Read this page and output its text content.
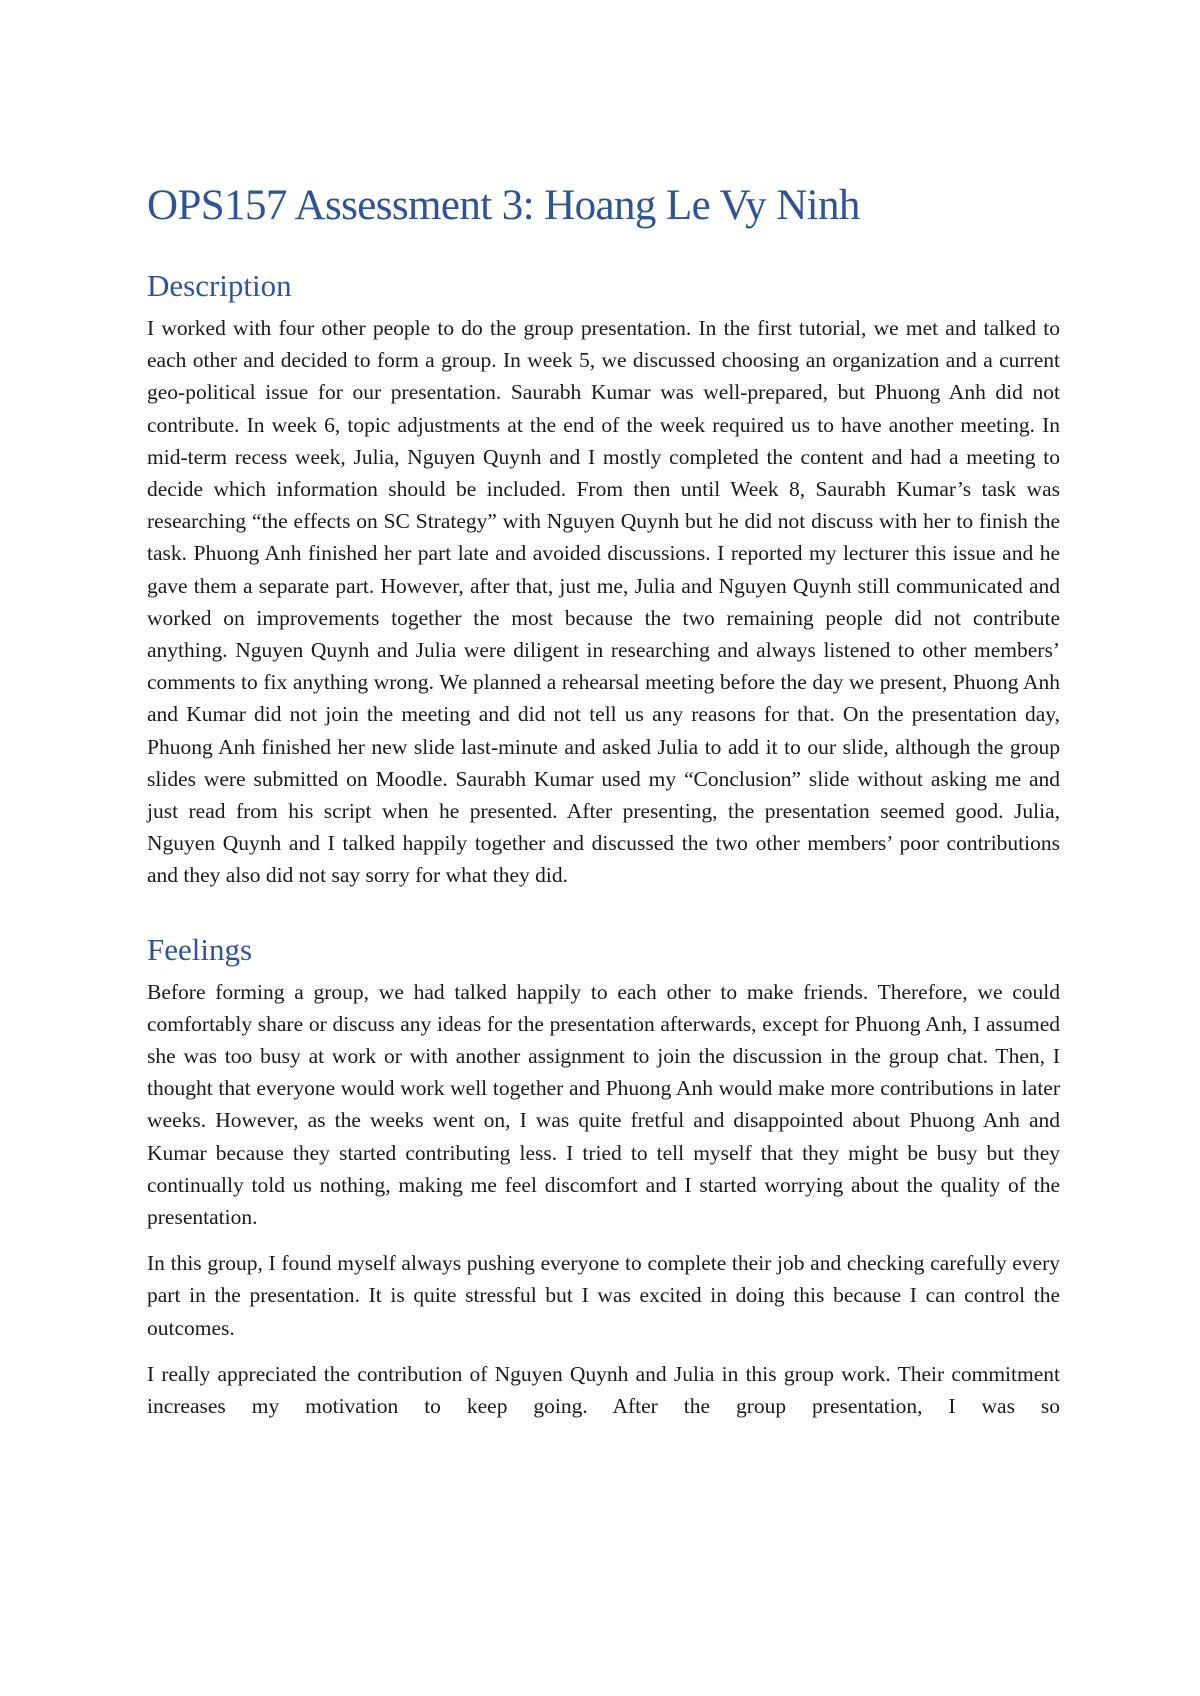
OPS157 Assessment 3: Hoang Le Vy Ninh
Description

I worked with four other people to do the group presentation. In the first tutorial, we met and talked to each other and decided to form a group. In week 5, we discussed choosing an organization and a current geo-political issue for our presentation. Saurabh Kumar was well-prepared, but Phuong Anh did not contribute. In week 6, topic adjustments at the end of the week required us to have another meeting. In mid-term recess week, Julia, Nguyen Quynh and I mostly completed the content and had a meeting to decide which information should be included. From then until Week 8, Saurabh Kumar’s task was researching “the effects on SC Strategy” with Nguyen Quynh but he did not discuss with her to finish the task. Phuong Anh finished her part late and avoided discussions. I reported my lecturer this issue and he gave them a separate part. However, after that, just me, Julia and Nguyen Quynh still communicated and worked on improvements together the most because the two remaining people did not contribute anything. Nguyen Quynh and Julia were diligent in researching and always listened to other members’ comments to fix anything wrong. We planned a rehearsal meeting before the day we present, Phuong Anh and Kumar did not join the meeting and did not tell us any reasons for that. On the presentation day, Phuong Anh finished her new slide last-minute and asked Julia to add it to our slide, although the group slides were submitted on Moodle. Saurabh Kumar used my “Conclusion” slide without asking me and just read from his script when he presented. After presenting, the presentation seemed good. Julia, Nguyen Quynh and I talked happily together and discussed the two other members’ poor contributions and they also did not say sorry for what they did.

Feelings

Before forming a group, we had talked happily to each other to make friends. Therefore, we could comfortably share or discuss any ideas for the presentation afterwards, except for Phuong Anh, I assumed she was too busy at work or with another assignment to join the discussion in the group chat. Then, I thought that everyone would work well together and Phuong Anh would make more contributions in later weeks. However, as the weeks went on, I was quite fretful and disappointed about Phuong Anh and Kumar because they started contributing less. I tried to tell myself that they might be busy but they continually told us nothing, making me feel discomfort and I started worrying about the quality of the presentation.

In this group, I found myself always pushing everyone to complete their job and checking carefully every part in the presentation. It is quite stressful but I was excited in doing this because I can control the outcomes.

I really appreciated the contribution of Nguyen Quynh and Julia in this group work. Their commitment increases my motivation to keep going. After the group presentation, I was so
